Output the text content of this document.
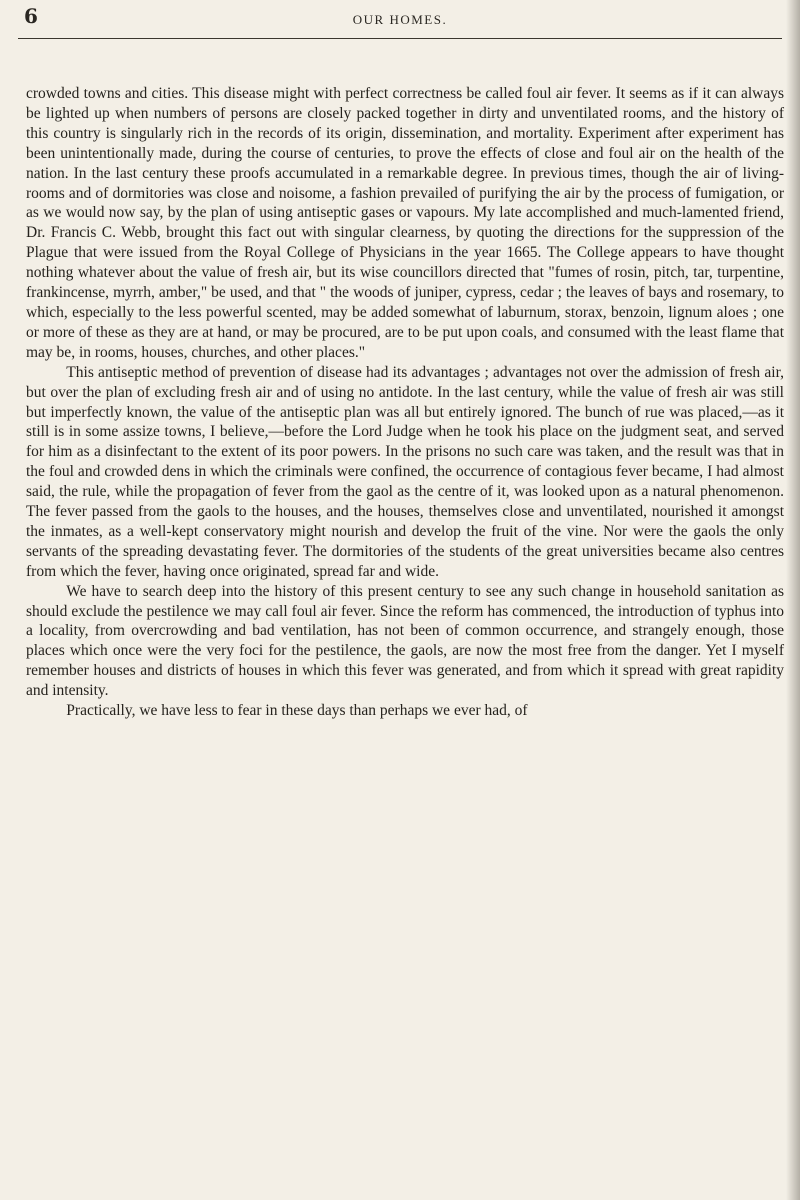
6	OUR HOMES.

crowded towns and cities. This disease might with perfect correctness be called foul air fever. It seems as if it can always be lighted up when numbers of persons are closely packed together in dirty and unventilated rooms, and the history of this country is singularly rich in the records of its origin, dissemination, and mortality. Experiment after experiment has been unintentionally made, during the course of centuries, to prove the effects of close and foul air on the health of the nation. In the last century these proofs accumulated in a remarkable degree. In previous times, though the air of living-rooms and of dormitories was close and noisome, a fashion prevailed of purifying the air by the process of fumigation, or as we would now say, by the plan of using antiseptic gases or vapours. My late accomplished and much-lamented friend, Dr. Francis C. Webb, brought this fact out with singular clearness, by quoting the directions for the suppression of the Plague that were issued from the Royal College of Physicians in the year 1665. The College appears to have thought nothing whatever about the value of fresh air, but its wise councillors directed that "fumes of rosin, pitch, tar, turpentine, frankincense, myrrh, amber," be used, and that " the woods of juniper, cypress, cedar ; the leaves of bays and rosemary, to which, especially to the less powerful scented, may be added somewhat of laburnum, storax, benzoin, lignum aloes ; one or more of these as they are at hand, or may be procured, are to be put upon coals, and consumed with the least flame that may be, in rooms, houses, churches, and other places."

This antiseptic method of prevention of disease had its advantages ; advantages not over the admission of fresh air, but over the plan of excluding fresh air and of using no antidote. In the last century, while the value of fresh air was still but imperfectly known, the value of the antiseptic plan was all but entirely ignored. The bunch of rue was placed,—as it still is in some assize towns, I believe,—before the Lord Judge when he took his place on the judgment seat, and served for him as a disinfectant to the extent of its poor powers. In the prisons no such care was taken, and the result was that in the foul and crowded dens in which the criminals were confined, the occurrence of contagious fever became, I had almost said, the rule, while the propagation of fever from the gaol as the centre of it, was looked upon as a natural phenomenon. The fever passed from the gaols to the houses, and the houses, themselves close and unventilated, nourished it amongst the inmates, as a well-kept conservatory might nourish and develop the fruit of the vine. Nor were the gaols the only servants of the spreading devastating fever. The dormitories of the students of the great universities became also centres from which the fever, having once originated, spread far and wide.

We have to search deep into the history of this present century to see any such change in household sanitation as should exclude the pestilence we may call foul air fever. Since the reform has commenced, the introduction of typhus into a locality, from overcrowding and bad ventilation, has not been of common occurrence, and strangely enough, those places which once were the very foci for the pestilence, the gaols, are now the most free from the danger. Yet I myself remember houses and districts of houses in which this fever was generated, and from which it spread with great rapidity and intensity.

Practically, we have less to fear in these days than perhaps we ever had, of
